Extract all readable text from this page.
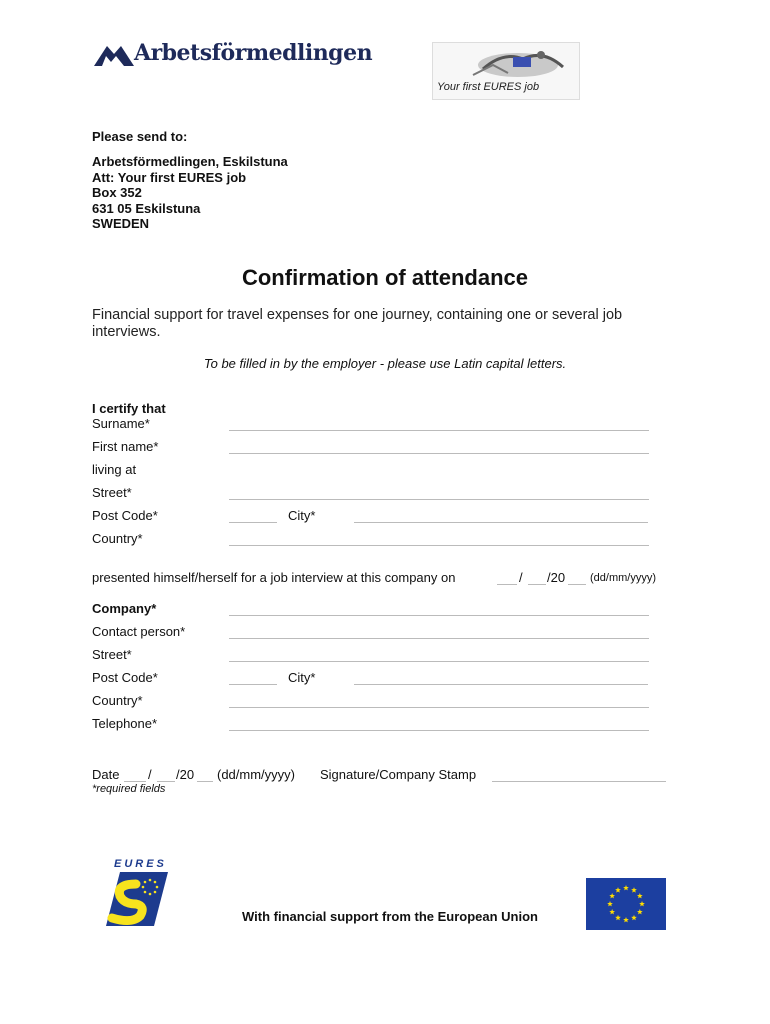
Arbetsförmedlingen
Your first EURES job
Please send to:
Arbetsförmedlingen, Eskilstuna
Att: Your first EURES job
Box 352
631 05 Eskilstuna
SWEDEN
Confirmation of attendance
Financial support for travel expenses for one journey, containing one or several job interviews.
To be filled in by the employer - please use Latin capital letters.
I certify that
Surname*
First name*
living at
Street*
Post Code*	City*
Country*
presented himself/herself for a job interview at this company on	/ /20 (dd/mm/yyyy)
Company*
Contact person*
Street*
Post Code*	City*
Country*
Telephone*
Date / /20 (dd/mm/yyyy) Signature/Company Stamp
*required fields
EURES
With financial support from the European Union
